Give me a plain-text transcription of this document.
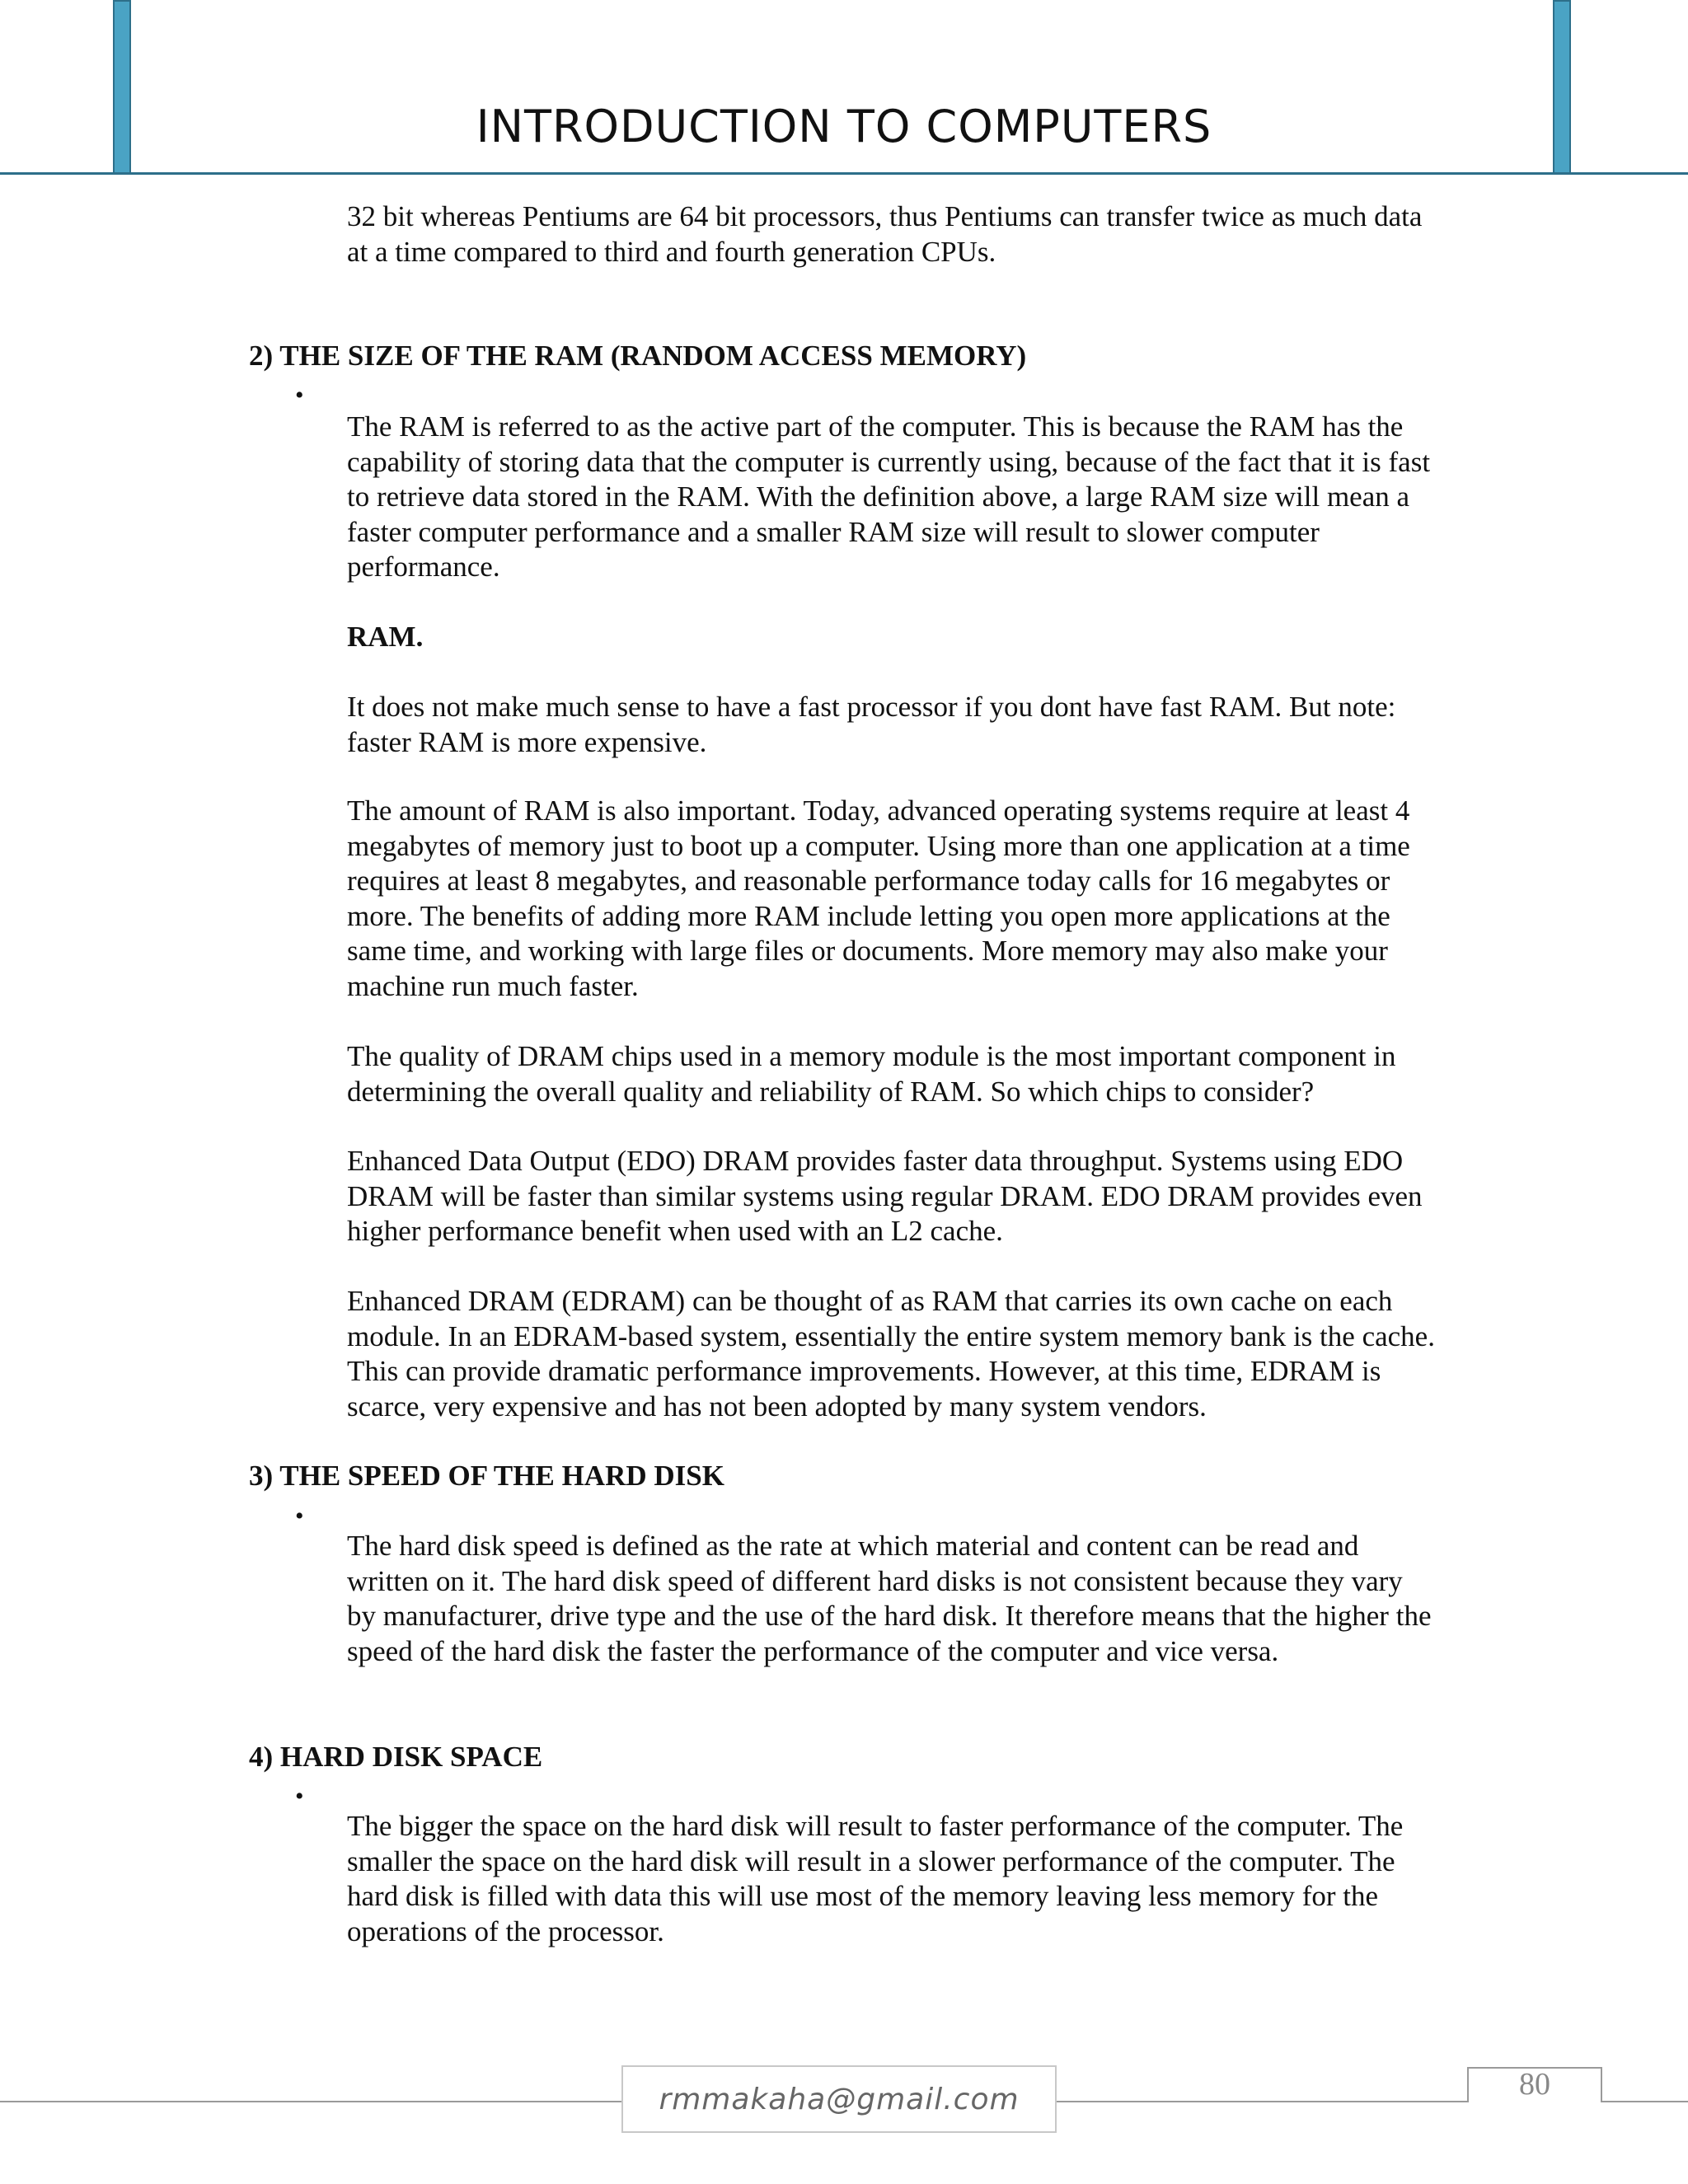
INTRODUCTION TO COMPUTERS

32 bit whereas Pentiums are 64 bit processors, thus Pentiums can transfer twice as much data at a time compared to third and fourth generation CPUs.

2) THE SIZE OF THE RAM (RANDOM ACCESS MEMORY)

•

The RAM is referred to as the active part of the computer. This is because the RAM has the capability of storing data that the computer is currently using, because of the fact that it is fast to retrieve data stored in the RAM. With the definition above, a large RAM size will mean a faster computer performance and a smaller RAM size will result to slower computer performance.

RAM.

It does not make much sense to have a fast processor if you dont have fast RAM. But note: faster RAM is more expensive.

The amount of RAM is also important. Today, advanced operating systems require at least 4 megabytes of memory just to boot up a computer. Using more than one application at a time requires at least 8 megabytes, and reasonable performance today calls for 16 megabytes or more. The benefits of adding more RAM include letting you open more applications at the same time, and working with large files or documents. More memory may also make your machine run much faster.

The quality of DRAM chips used in a memory module is the most important component in determining the overall quality and reliability of RAM. So which chips to consider?

Enhanced Data Output (EDO) DRAM provides faster data throughput. Systems using EDO DRAM will be faster than similar systems using regular DRAM. EDO DRAM provides even higher performance benefit when used with an L2 cache.

Enhanced DRAM (EDRAM) can be thought of as RAM that carries its own cache on each module. In an EDRAM-based system, essentially the entire system memory bank is the cache. This can provide dramatic performance improvements. However, at this time, EDRAM is scarce, very expensive and has not been adopted by many system vendors.

3) THE SPEED OF THE HARD DISK

•

The hard disk speed is defined as the rate at which material and content can be read and written on it. The hard disk speed of different hard disks is not consistent because they vary by manufacturer, drive type and the use of the hard disk. It therefore means that the higher the speed of the hard disk the faster the performance of the computer and vice versa.

4) HARD DISK SPACE

•

The bigger the space on the hard disk will result to faster performance of the computer. The smaller the space on the hard disk will result in a slower performance of the computer. The hard disk is filled with data this will use most of the memory leaving less memory for the operations of the processor.

rmmakaha@gmail.com	80
